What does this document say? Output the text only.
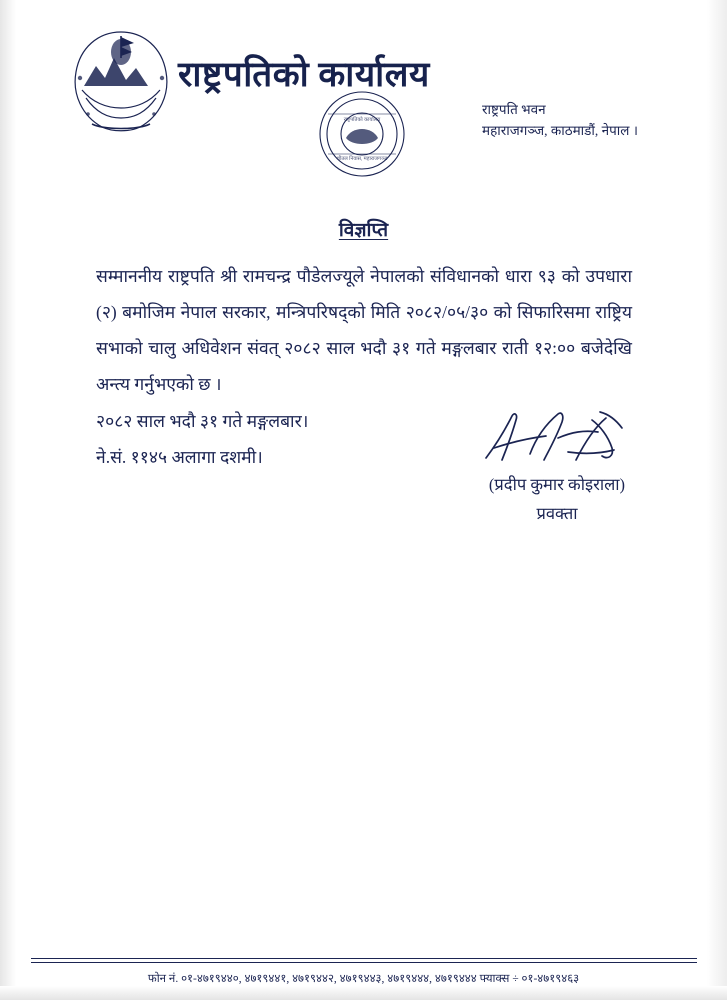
राष्ट्रपतिको कार्यालय
राष्ट्रपति भवन
महाराजगञ्ज, काठमाडौं, नेपाल ।
राष्ट्रपतिको कार्यालय
शीतल निवास, महाराजगञ्ज
विज्ञप्ति
सम्माननीय राष्ट्रपति श्री रामचन्द्र पौडेलज्यूले नेपालको संविधानको धारा ९३ को उपधारा (२) बमोजिम नेपाल सरकार, मन्त्रिपरिषद्को मिति २०८२/०५/३० को सिफारिसमा राष्ट्रिय सभाको चालु अधिवेशन संवत् २०८२ साल भदौ ३१ गते मङ्गलबार राती १२:०० बजेदेखि अन्त्य गर्नुभएको छ ।
२०८२ साल भदौ ३१ गते मङ्गलबार।
ने.सं. ११४५ अलागा दशमी।
(प्रदीप कुमार कोइराला)
प्रवक्ता
फोन नं. ०१-४७१९४४०, ४७१९४४१, ४७१९४४२, ४७१९४४३, ४७१९४४४, ४७१९४४४ फ्याक्स ÷ ०१-४७१९४६३
